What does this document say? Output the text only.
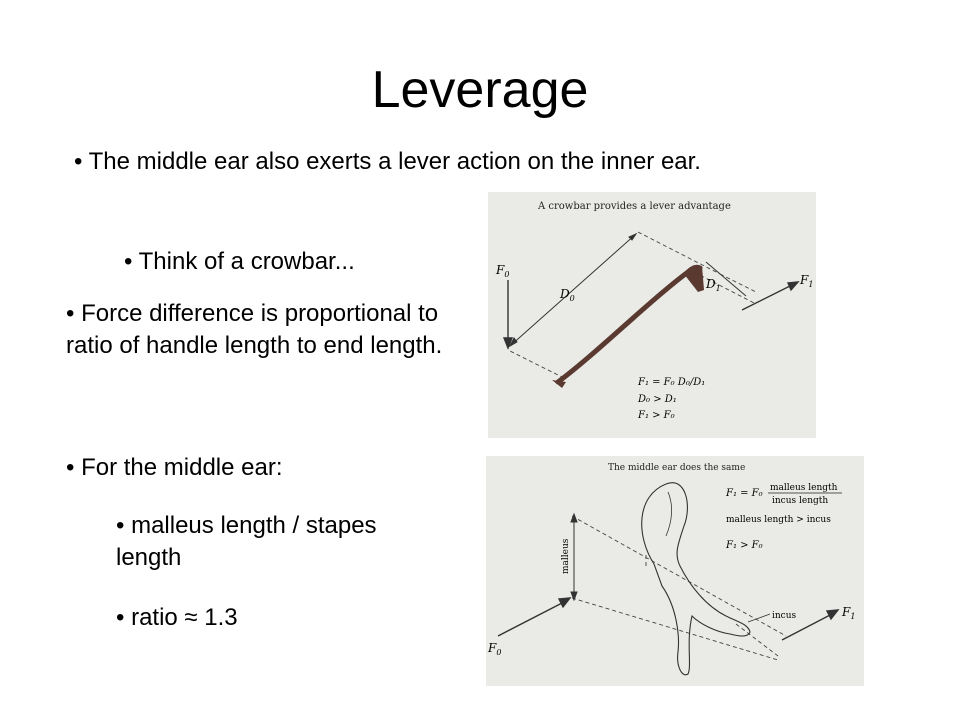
Leverage
• The middle ear also exerts a lever action on the inner ear.
• Think of a crowbar...
• Force difference is proportional to ratio of handle length to end length.
• For the middle ear:
• malleus length / stapes length
• ratio ≈ 1.3
A crowbar provides a lever advantage
$F_0$	$F_1$
$D_0$
$D_1$
F₁ = F₀ D₀/D₁
D₀ > D₁
F₁ > F₀
The middle ear does the same
F₁ = F₀ malleus length
incus length
malleus length > incus
F₁ > F₀
malleus
incus
$F_0$
$F_1$
